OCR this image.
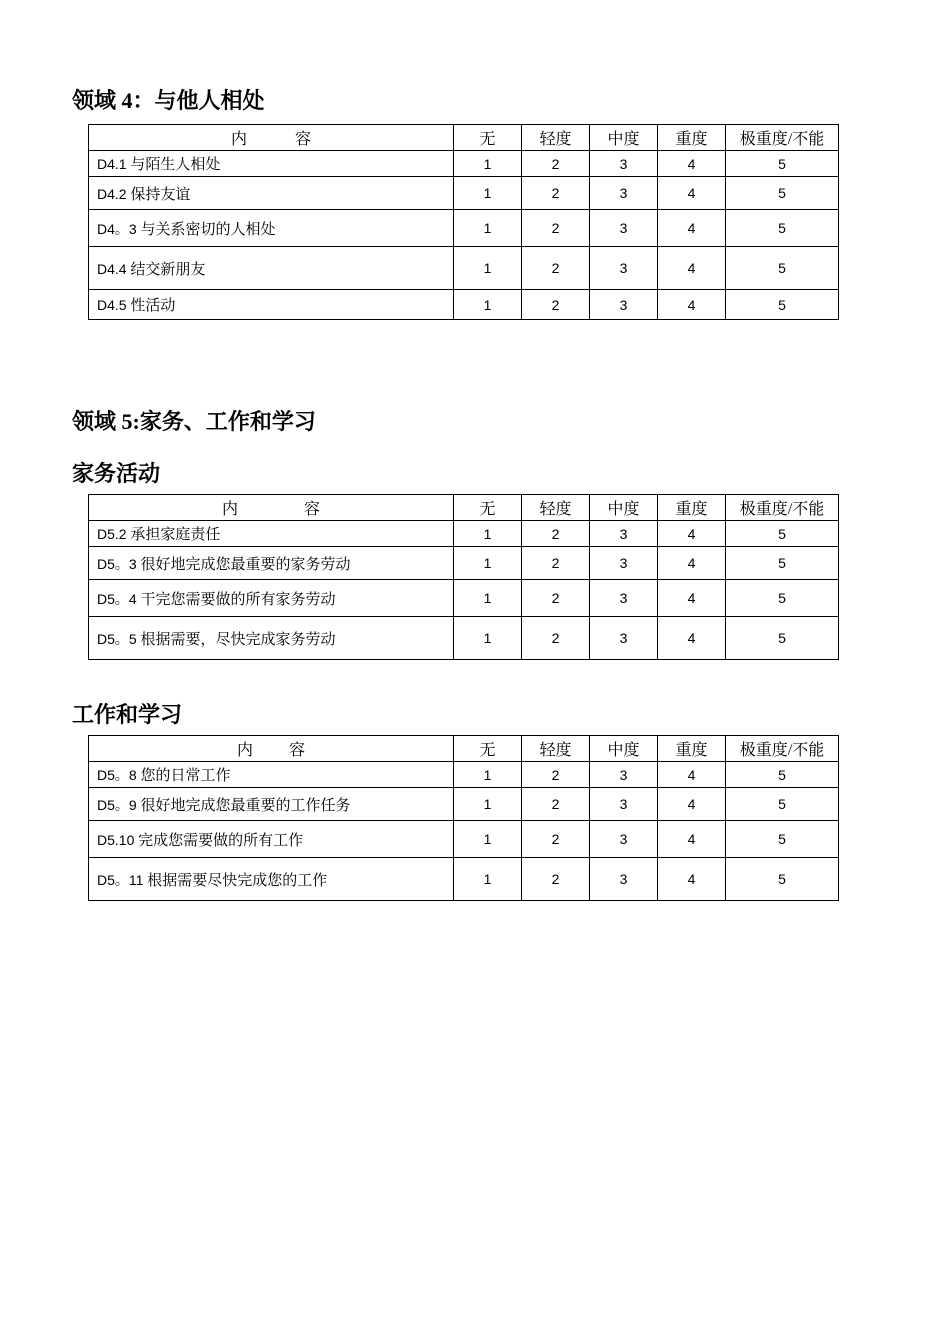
领域 4：与他人相处
内 容	无	轻度	中度	重度	极重度/不能
D4.1 与陌生人相处	1	2	3	4	5
D4.2 保持友谊	1	2	3	4	5
D4。3 与关系密切的人相处	1	2	3	4	5
D4.4 结交新朋友	1	2	3	4	5
D4.5 性活动	1	2	3	4	5
领域 5:家务、工作和学习
家务活动
内 容	无	轻度	中度	重度	极重度/不能
D5.2 承担家庭责任	1	2	3	4	5
D5。3 很好地完成您最重要的家务劳动	1	2	3	4	5
D5。4 干完您需要做的所有家务劳动	1	2	3	4	5
D5。5 根据需要，尽快完成家务劳动	1	2	3	4	5
工作和学习
内 容	无	轻度	中度	重度	极重度/不能
D5。8 您的日常工作	1	2	3	4	5
D5。9 很好地完成您最重要的工作任务	1	2	3	4	5
D5.10 完成您需要做的所有工作	1	2	3	4	5
D5。11 根据需要尽快完成您的工作	1	2	3	4	5
